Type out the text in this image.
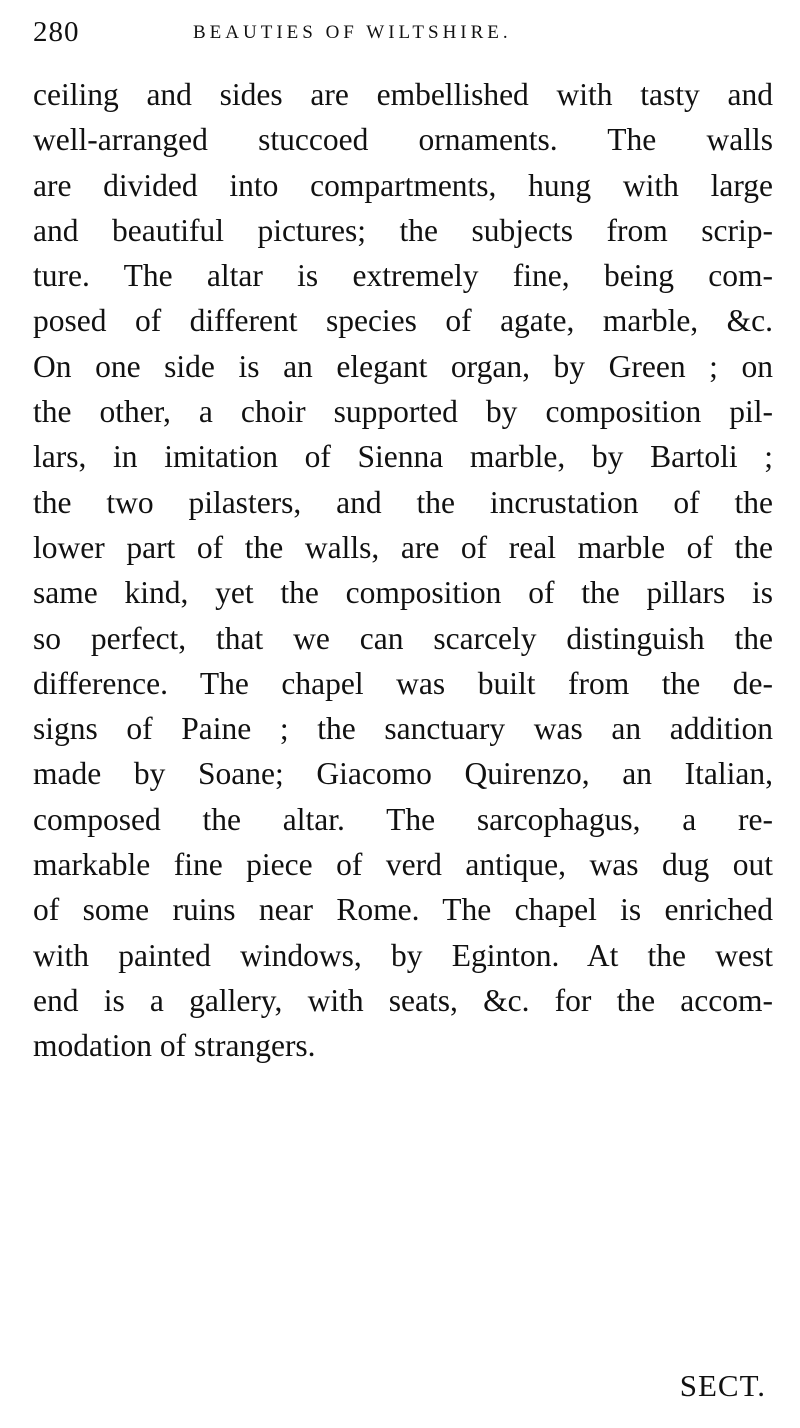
280	BEAUTIES OF WILTSHIRE.
ceiling and sides are embellished with tasty and
well-arranged stuccoed ornaments. The walls
are divided into compartments, hung with large
and beautiful pictures; the subjects from scrip-
ture. The altar is extremely fine, being com-
posed of different species of agate, marble, &c.
On one side is an elegant organ, by Green ; on
the other, a choir supported by composition pil-
lars, in imitation of Sienna marble, by Bartoli ;
the two pilasters, and the incrustation of the
lower part of the walls, are of real marble of the
same kind, yet the composition of the pillars is
so perfect, that we can scarcely distinguish the
difference. The chapel was built from the de-
signs of Paine ; the sanctuary was an addition
made by Soane; Giacomo Quirenzo, an Italian,
composed the altar. The sarcophagus, a re-
markable fine piece of verd antique, was dug out
of some ruins near Rome. The chapel is enriched
with painted windows, by Eginton. At the west
end is a gallery, with seats, &c. for the accom-
modation of strangers.
SECT.
